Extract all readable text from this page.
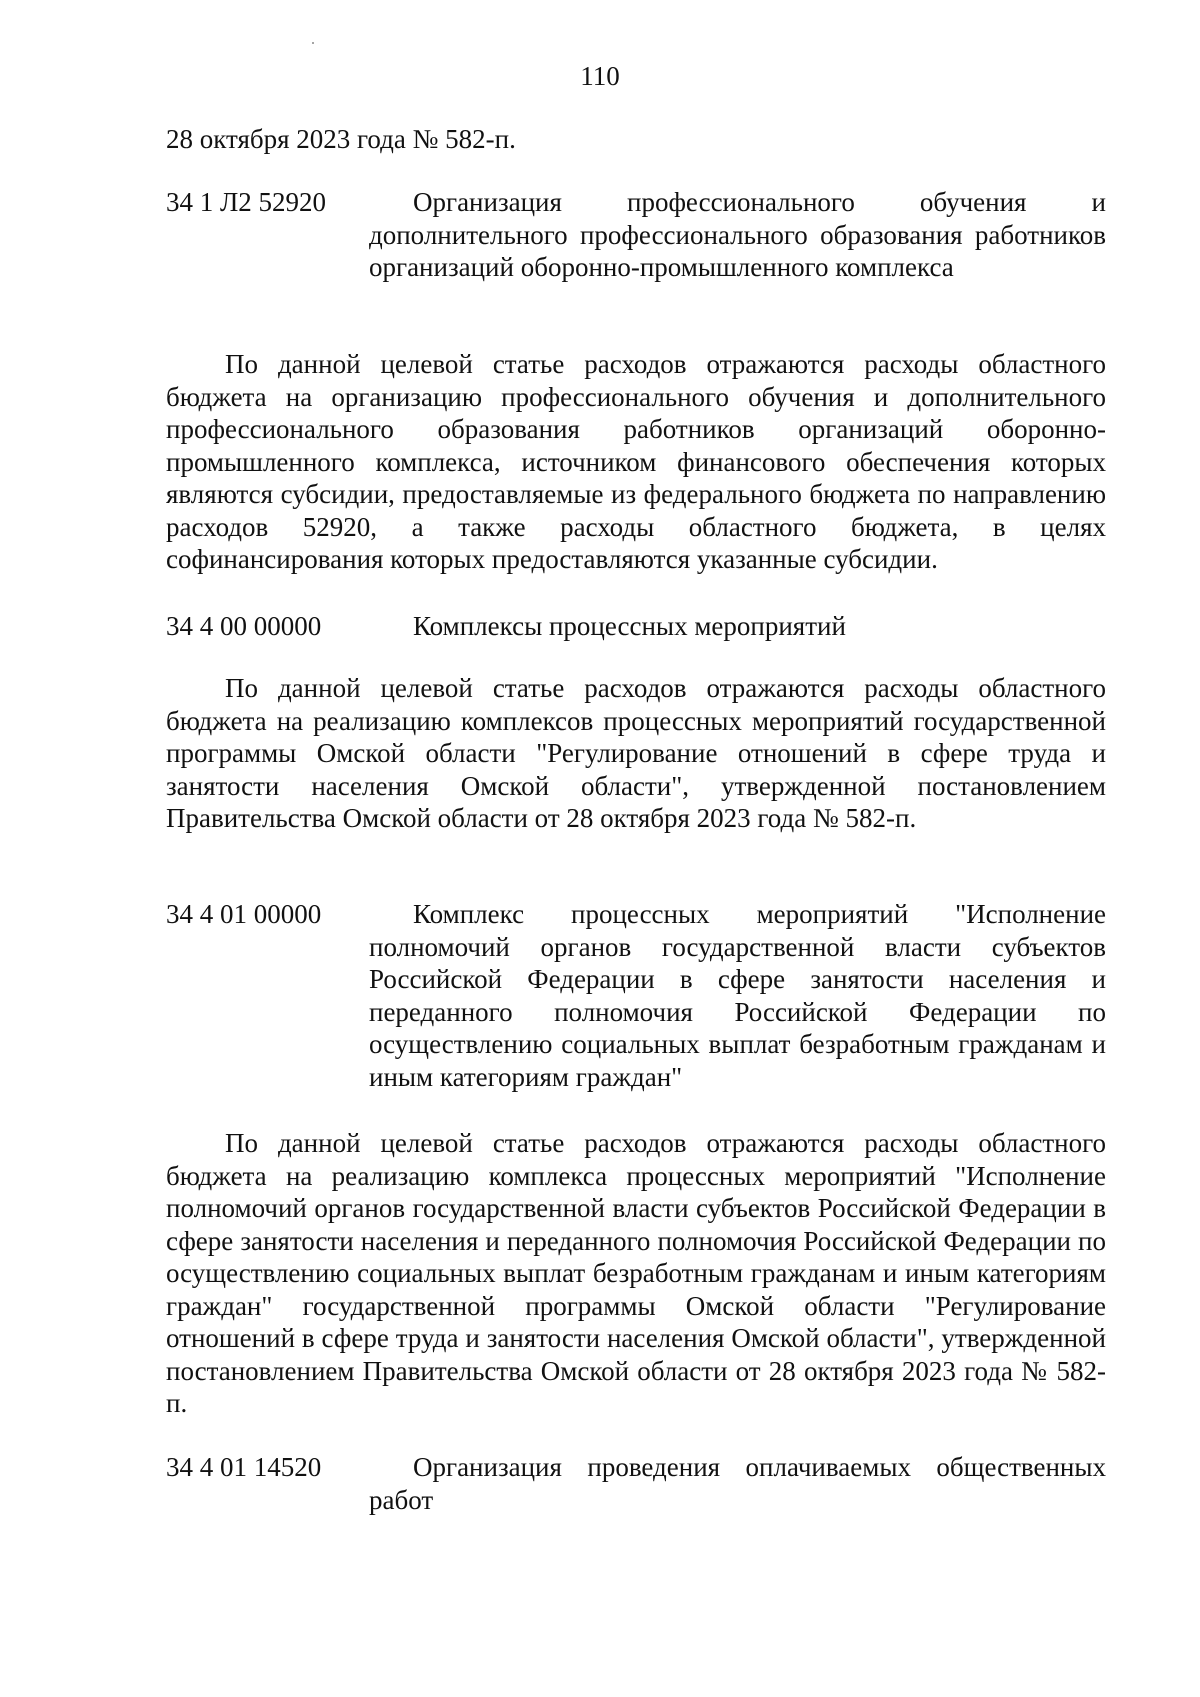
110
28 октября 2023 года № 582-п.
34 1 Л2 52920	Организация профессионального обучения и дополнительного профессионального образования работников организаций оборонно-промышленного комплекса
По данной целевой статье расходов отражаются расходы областного бюджета на организацию профессионального обучения и дополнительного профессионального образования работников организаций оборонно-промышленного комплекса, источником финансового обеспечения которых являются субсидии, предоставляемые из федерального бюджета по направлению расходов 52920, а также расходы областного бюджета, в целях софинансирования которых предоставляются указанные субсидии.
34 4 00 00000	Комплексы процессных мероприятий
По данной целевой статье расходов отражаются расходы областного бюджета на реализацию комплексов процессных мероприятий государственной программы Омской области "Регулирование отношений в сфере труда и занятости населения Омской области", утвержденной постановлением Правительства Омской области от 28 октября 2023 года № 582-п.
34 4 01 00000	Комплекс процессных мероприятий "Исполнение полномочий органов государственной власти субъектов Российской Федерации в сфере занятости населения и переданного полномочия Российской Федерации по осуществлению социальных выплат безработным гражданам и иным категориям граждан"
По данной целевой статье расходов отражаются расходы областного бюджета на реализацию комплекса процессных мероприятий "Исполнение полномочий органов государственной власти субъектов Российской Федерации в сфере занятости населения и переданного полномочия Российской Федерации по осуществлению социальных выплат безработным гражданам и иным категориям граждан" государственной программы Омской области "Регулирование отношений в сфере труда и занятости населения Омской области", утвержденной постановлением Правительства Омской области от 28 октября 2023 года № 582-п.
34 4 01 14520	Организация проведения оплачиваемых общественных работ
